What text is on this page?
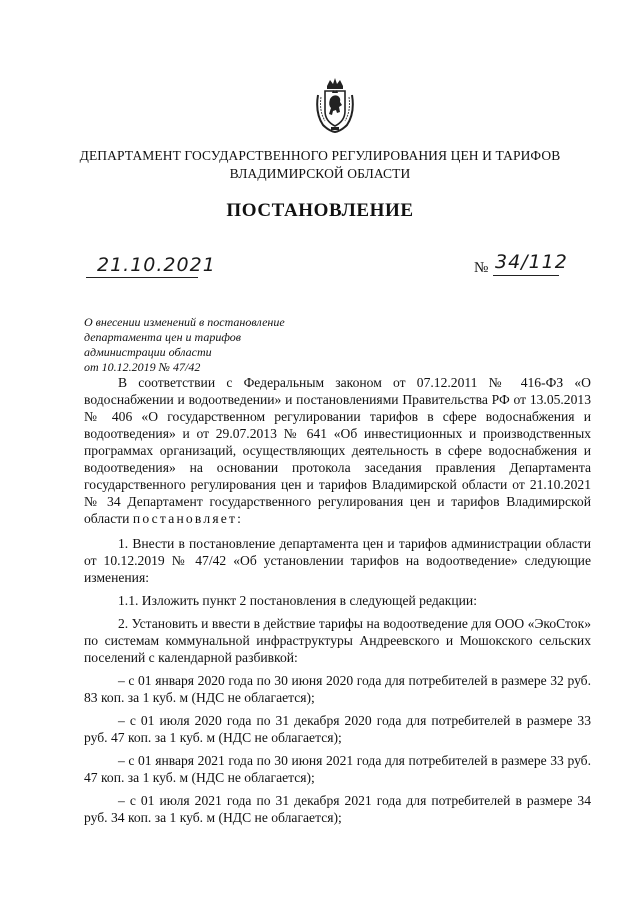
ДЕПАРТАМЕНТ ГОСУДАРСТВЕННОГО РЕГУЛИРОВАНИЯ ЦЕН И ТАРИФОВ
ВЛАДИМИРСКОЙ ОБЛАСТИ
ПОСТАНОВЛЕНИЕ
21.10.2021	№ 34/112
О внесении изменений в постановление
департамента цен и тарифов
администрации области
от 10.12.2019 № 47/42

В соответствии с Федеральным законом от 07.12.2011 № 416-ФЗ «О водоснабжении и водоотведении» и постановлениями Правительства РФ от 13.05.2013 № 406 «О государственном регулировании тарифов в сфере водоснабжения и водоотведения» и от 29.07.2013 № 641 «Об инвестиционных и производственных программах организаций, осуществляющих деятельность в сфере водоснабжения и водоотведения» на основании протокола заседания правления Департамента государственного регулирования цен и тарифов Владимирской области от 21.10.2021 № 34 Департамент государственного регулирования цен и тарифов Владимирской области постановляет:

1. Внести в постановление департамента цен и тарифов администрации области от 10.12.2019 № 47/42 «Об установлении тарифов на водоотведение» следующие изменения:

1.1. Изложить пункт 2 постановления в следующей редакции:

2. Установить и ввести в действие тарифы на водоотведение для ООО «ЭкоСток» по системам коммунальной инфраструктуры Андреевского и Мошокского сельских поселений с календарной разбивкой:

– с 01 января 2020 года по 30 июня 2020 года для потребителей в размере 32 руб. 83 коп. за 1 куб. м (НДС не облагается);

– с 01 июля 2020 года по 31 декабря 2020 года для потребителей в размере 33 руб. 47 коп. за 1 куб. м (НДС не облагается);

– с 01 января 2021 года по 30 июня 2021 года для потребителей в размере 33 руб. 47 коп. за 1 куб. м (НДС не облагается);

– с 01 июля 2021 года по 31 декабря 2021 года для потребителей в размере 34 руб. 34 коп. за 1 куб. м (НДС не облагается);
